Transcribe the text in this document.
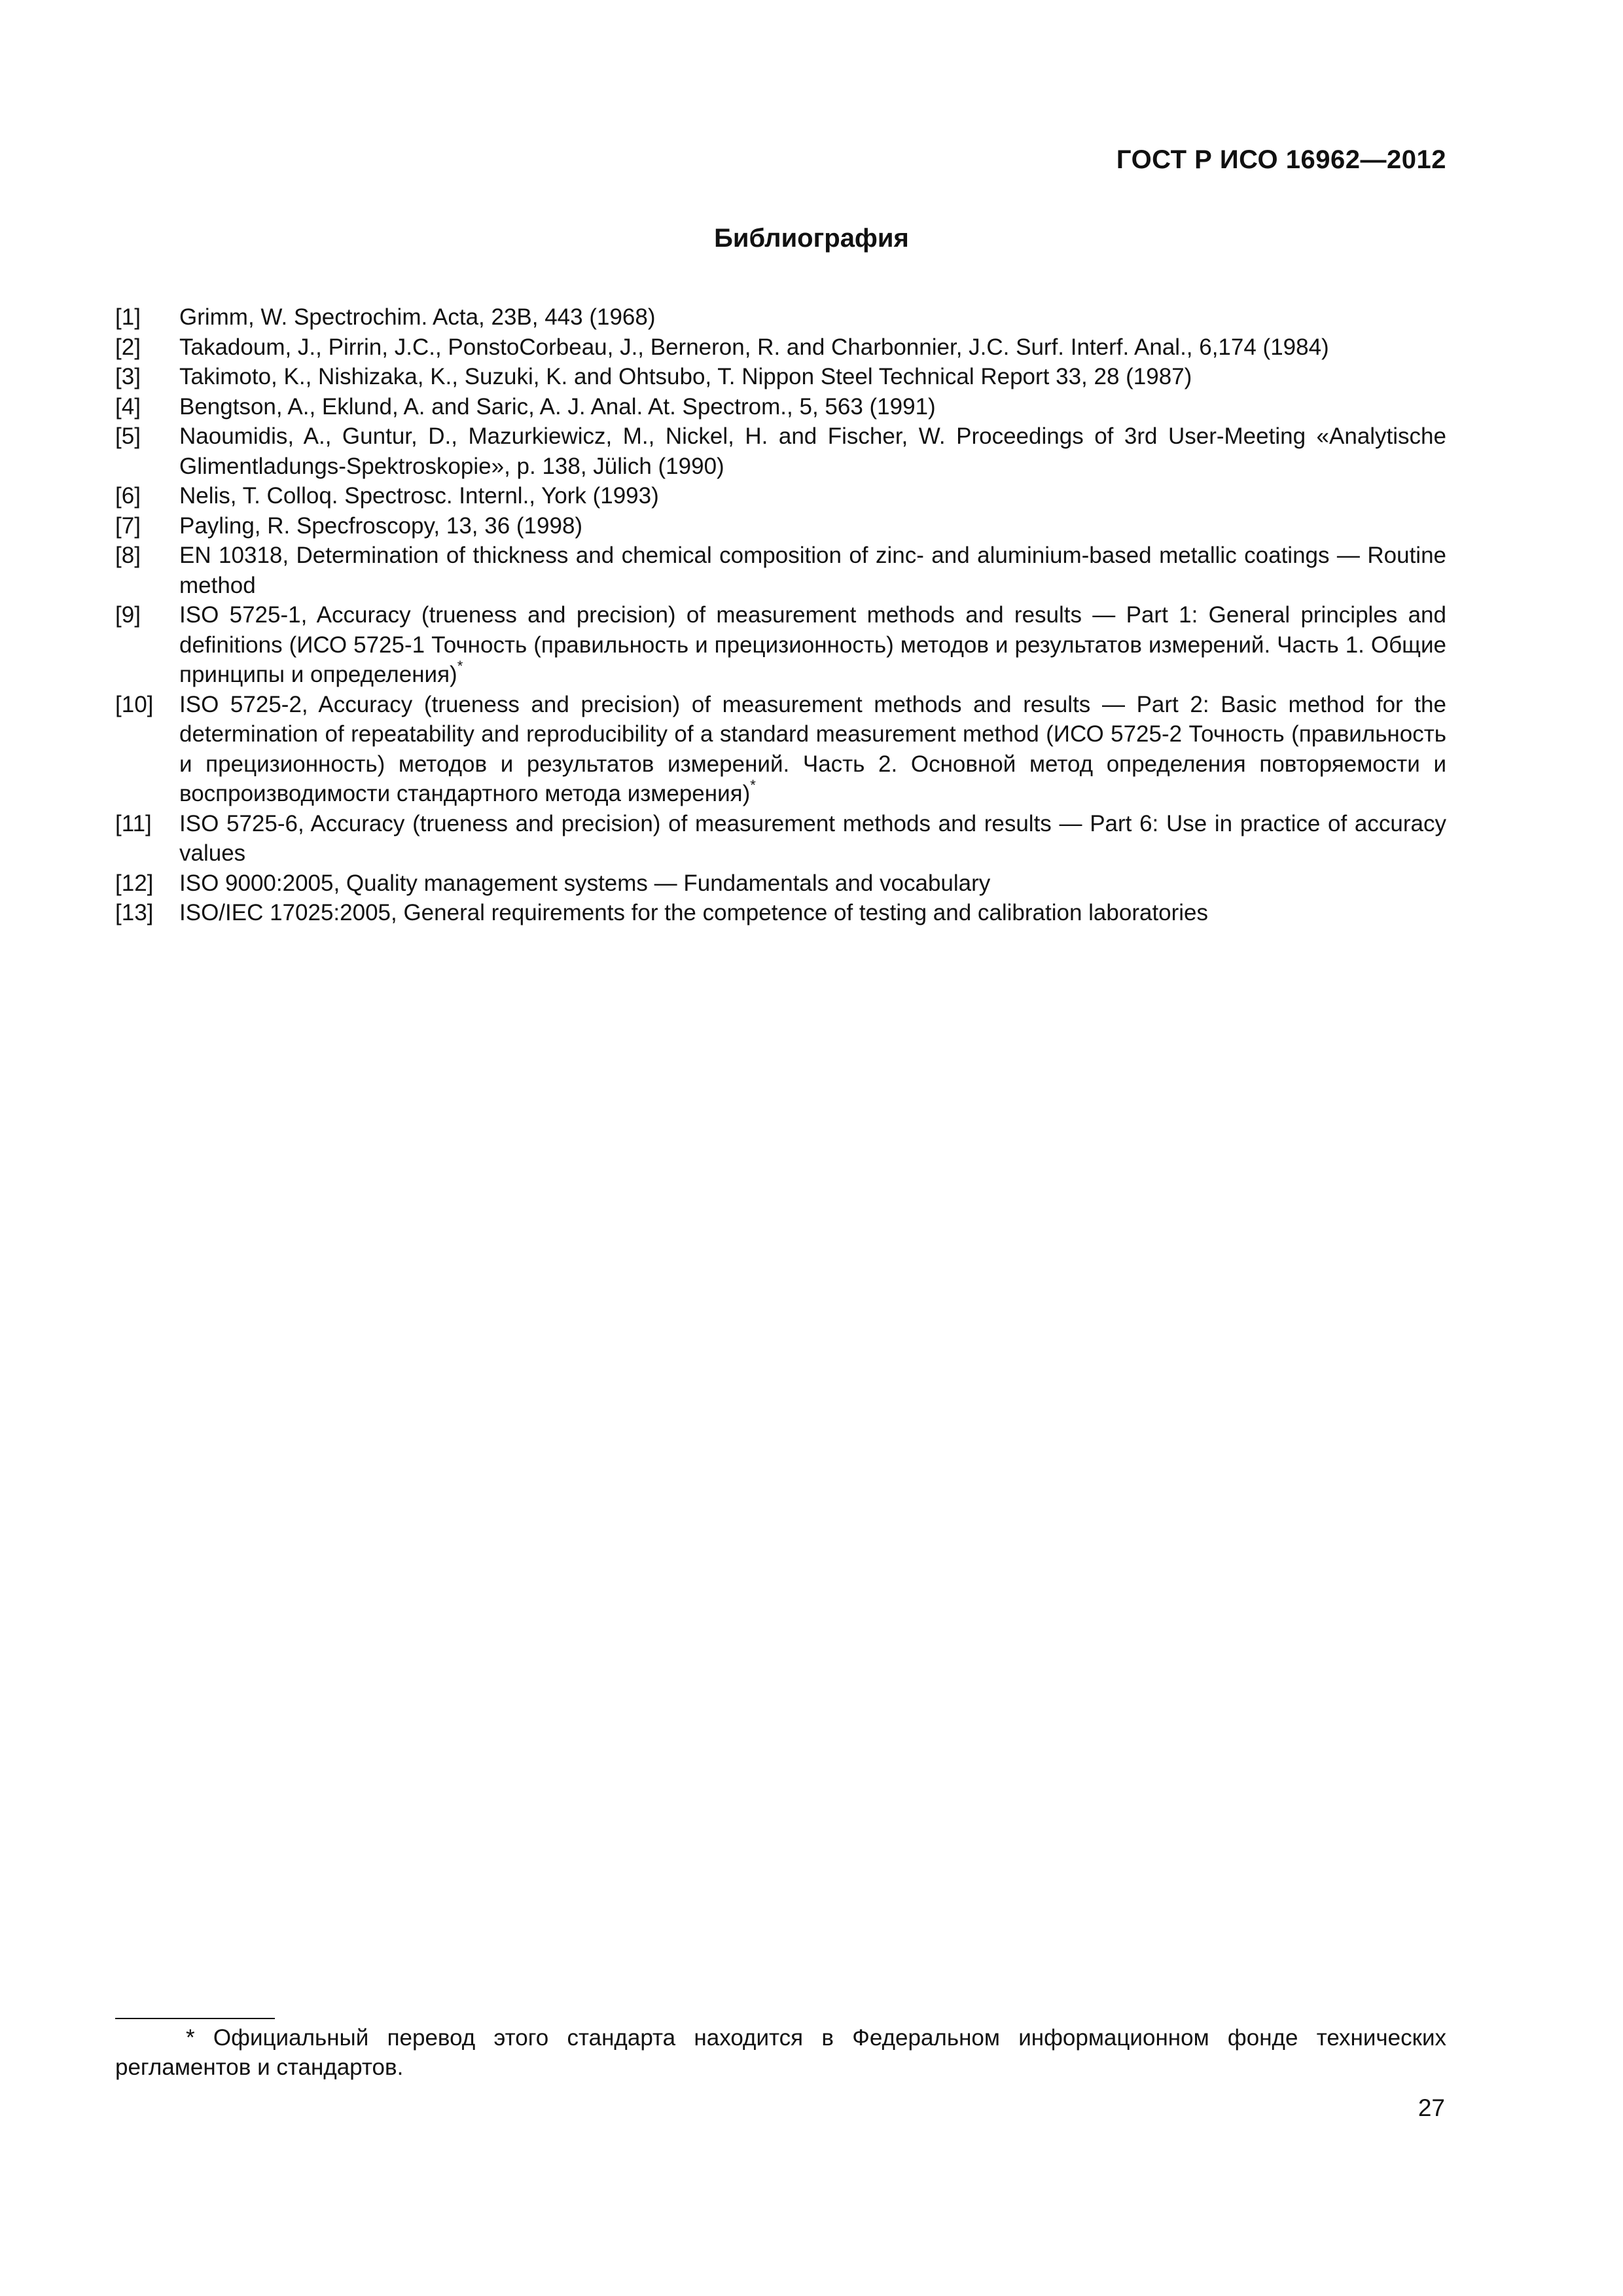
ГОСТ Р ИСО 16962—2012
Библиография
[1]	Grimm, W. Spectrochim. Acta, 23B, 443 (1968)
[2]	Takadoum, J., Pirrin, J.C., PonstoCorbeau, J., Berneron, R. and Charbonnier, J.C. Surf. Interf. Anal., 6,174 (1984)
[3]	Takimoto, K., Nishizaka, K., Suzuki, K. and Ohtsubo, T. Nippon Steel Technical Report 33, 28 (1987)
[4]	Bengtson, A., Eklund, A. and Saric, A. J. Anal. At. Spectrom., 5, 563 (1991)
[5]	Naoumidis, A., Guntur, D., Mazurkiewicz, M., Nickel, H. and Fischer, W. Proceedings of 3rd User-Meeting «Analytische Glimentladungs-Spektroskopie», p. 138, Jülich (1990)
[6]	Nelis, T. Colloq. Spectrosc. Internl., York (1993)
[7]	Payling, R. Specfroscopy, 13, 36 (1998)
[8]	EN 10318, Determination of thickness and chemical composition of zinc- and aluminium-based metallic coatings — Routine method
[9]	ISO 5725-1, Accuracy (trueness and precision) of measurement methods and results — Part 1: General principles and definitions (ИСО 5725-1 Точность (правильность и прецизионность) методов и результатов измерений. Часть 1. Общие принципы и определения)*
[10]	ISO 5725-2, Accuracy (trueness and precision) of measurement methods and results — Part 2: Basic method for the determination of repeatability and reproducibility of a standard measurement method (ИСО 5725-2 Точность (правильность и прецизионность) методов и результатов измерений. Часть 2. Основной метод определения повторяемости и воспроизводимости стандартного метода измерения)*
[11]	ISO 5725-6, Accuracy (trueness and precision) of measurement methods and results — Part 6: Use in practice of accuracy values
[12]	ISO 9000:2005, Quality management systems — Fundamentals and vocabulary
[13]	ISO/IEC 17025:2005, General requirements for the competence of testing and calibration laboratories
* Официальный перевод этого стандарта находится в Федеральном информационном фонде технических регламентов и стандартов.
27
